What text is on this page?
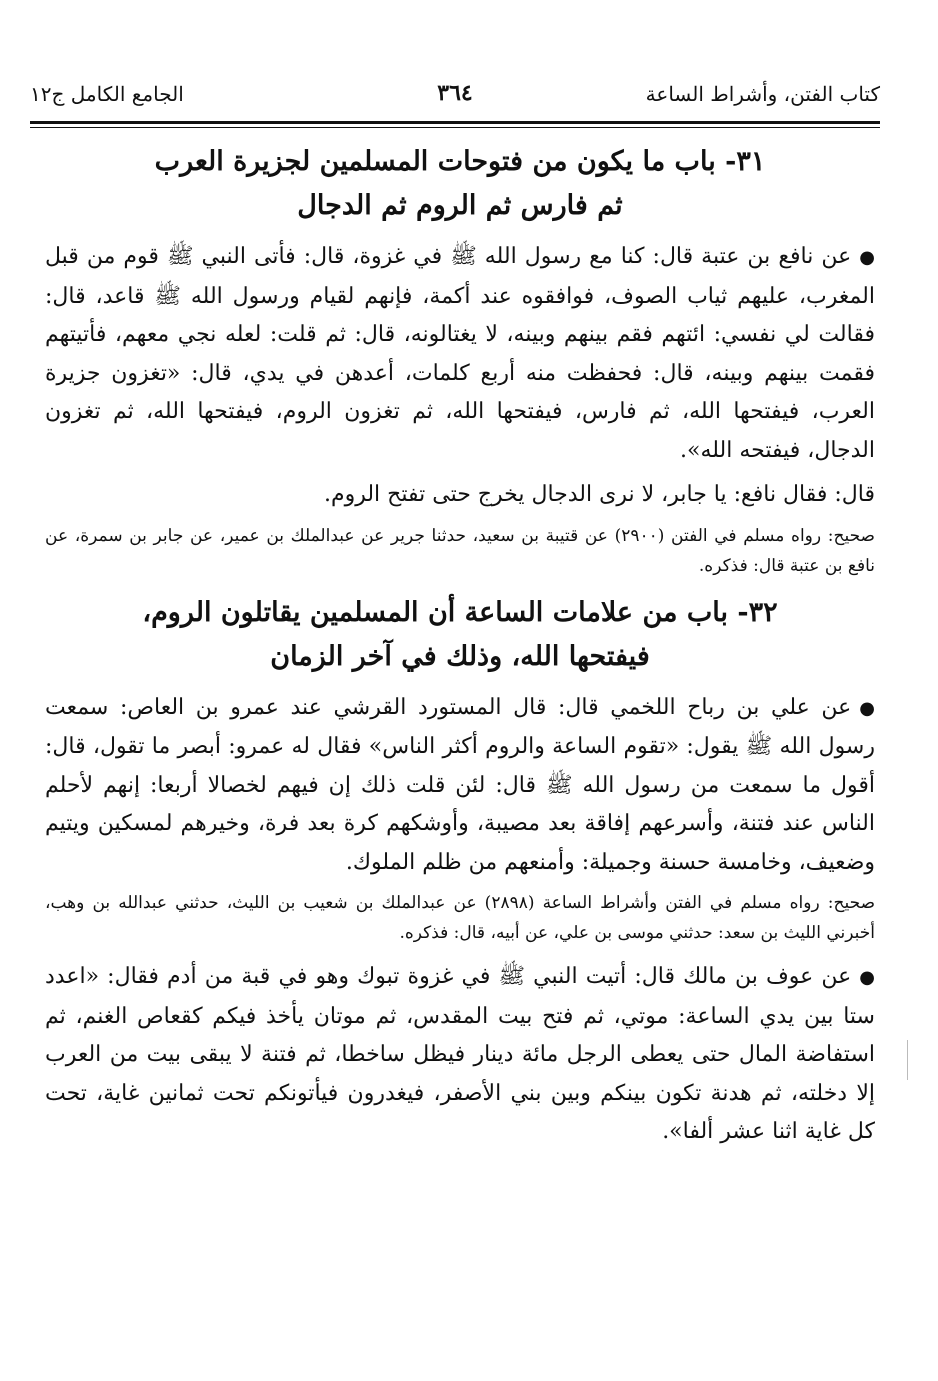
كتاب الفتن، وأشراط الساعة
٣٦٤
الجامع الكامل ج١٢
٣١- باب ما يكون من فتوحات المسلمين لجزيرة العرب
ثم فارس ثم الروم ثم الدجال

●عن نافع بن عتبة قال: كنا مع رسول الله ﷺ في غزوة، قال: فأتى النبي ﷺ قوم من قبل المغرب، عليهم ثياب الصوف، فوافقوه عند أكمة، فإنهم لقيام ورسول الله ﷺ قاعد، قال: فقالت لي نفسي: ائتهم فقم بينهم وبينه، لا يغتالونه، قال: ثم قلت: لعله نجي معهم، فأتيتهم فقمت بينهم وبينه، قال: فحفظت منه أربع كلمات، أعدهن في يدي، قال: «تغزون جزيرة العرب، فيفتحها الله، ثم فارس، فيفتحها الله، ثم تغزون الروم، فيفتحها الله، ثم تغزون الدجال، فيفتحه الله».

قال: فقال نافع: يا جابر، لا نرى الدجال يخرج حتى تفتح الروم.

صحيح: رواه مسلم في الفتن (٢٩٠٠) عن قتيبة بن سعيد، حدثنا جرير عن عبدالملك بن عمير، عن جابر بن سمرة، عن نافع بن عتبة قال: فذكره.

٣٢- باب من علامات الساعة أن المسلمين يقاتلون الروم،
فيفتحها الله، وذلك في آخر الزمان

●عن علي بن رباح اللخمي قال: قال المستورد القرشي عند عمرو بن العاص: سمعت رسول الله ﷺ يقول: «تقوم الساعة والروم أكثر الناس» فقال له عمرو: أبصر ما تقول، قال: أقول ما سمعت من رسول الله ﷺ قال: لئن قلت ذلك إن فيهم لخصالا أربعا: إنهم لأحلم الناس عند فتنة، وأسرعهم إفاقة بعد مصيبة، وأوشكهم كرة بعد فرة، وخيرهم لمسكين ويتيم وضعيف، وخامسة حسنة وجميلة: وأمنعهم من ظلم الملوك.

صحيح: رواه مسلم في الفتن وأشراط الساعة (٢٨٩٨) عن عبدالملك بن شعيب بن الليث، حدثني عبدالله بن وهب، أخبرني الليث بن سعد: حدثني موسى بن علي، عن أبيه، قال: فذكره.

●عن عوف بن مالك قال: أتيت النبي ﷺ في غزوة تبوك وهو في قبة من أدم فقال: «اعدد ستا بين يدي الساعة: موتي، ثم فتح بيت المقدس، ثم موتان يأخذ فيكم كقعاص الغنم، ثم استفاضة المال حتى يعطى الرجل مائة دينار فيظل ساخطا، ثم فتنة لا يبقى بيت من العرب إلا دخلته، ثم هدنة تكون بينكم وبين بني الأصفر، فيغدرون فيأتونكم تحت ثمانين غاية، تحت كل غاية اثنا عشر ألفا».
